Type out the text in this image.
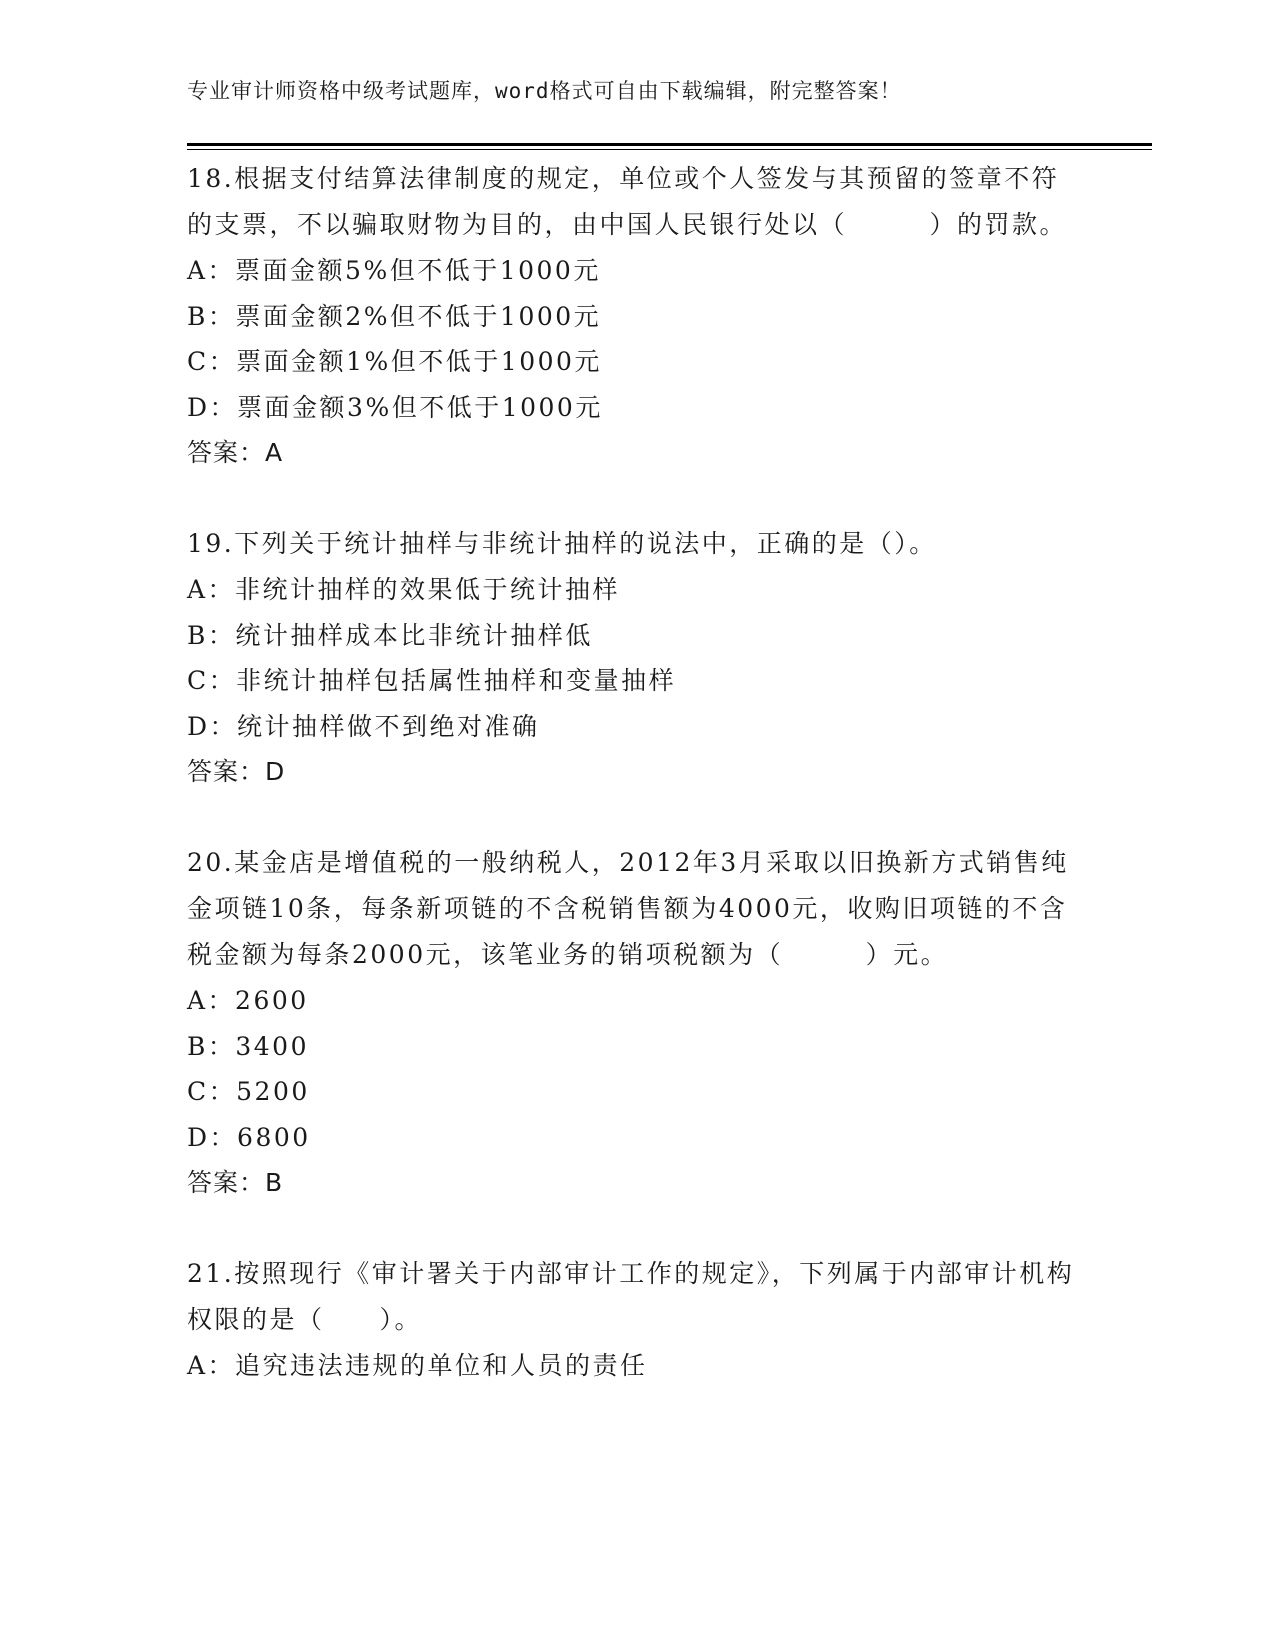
专业审计师资格中级考试题库，word格式可自由下载编辑，附完整答案！

18.根据支付结算法律制度的规定，单位或个人签发与其预留的签章不符的支票，不以骗取财物为目的，由中国人民银行处以（　　　）的罚款。

A：票面金额5%但不低于1000元

B：票面金额2%但不低于1000元

C：票面金额1%但不低于1000元

D：票面金额3%但不低于1000元

答案：A

19.下列关于统计抽样与非统计抽样的说法中，正确的是（）。

A：非统计抽样的效果低于统计抽样

B：统计抽样成本比非统计抽样低

C：非统计抽样包括属性抽样和变量抽样

D：统计抽样做不到绝对准确

答案：D

20.某金店是增值税的一般纳税人，2012年3月采取以旧换新方式销售纯金项链10条，每条新项链的不含税销售额为4000元，收购旧项链的不含税金额为每条2000元，该笔业务的销项税额为（　　　）元。

A：2600

B：3400

C：5200

D：6800

答案：B

21.按照现行《审计署关于内部审计工作的规定》，下列属于内部审计机构权限的是（　　）。

A：追究违法违规的单位和人员的责任
